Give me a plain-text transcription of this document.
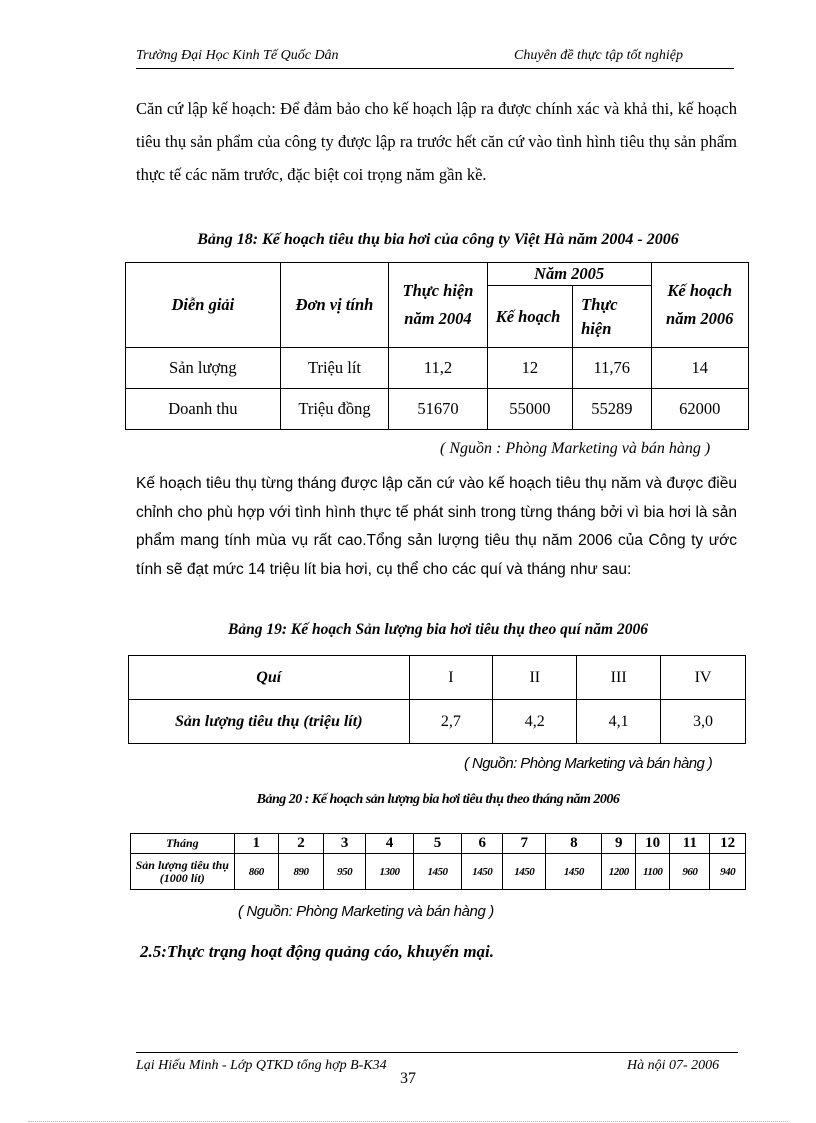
Trường Đại Học Kinh Tế Quốc Dân	Chuyên đề thực tập tốt nghiệp
Căn cứ lập kế hoạch: Để đảm bảo cho kế hoạch lập ra được chính xác và khả thi, kế hoạch tiêu thụ sản phẩm của công ty được lập ra trước hết căn cứ vào tình hình tiêu thụ sản phẩm thực tế các năm trước, đặc biệt coi trọng năm gần kề.
Bảng 18: Kế hoạch tiêu thụ bia hơi của công ty Việt Hà năm 2004 - 2006
Diễn giải	Đơn vị tính	Thực hiện năm 2004	Năm 2005		Kế hoạch năm 2006
			Kế hoạch	Thực hiện	
Sản lượng	Triệu lít	11,2	12	11,76	14
Doanh thu	Triệu đồng	51670	55000	55289	62000
( Nguồn : Phòng Marketing và bán hàng )
Kế hoạch tiêu thụ từng tháng được lập căn cứ vào kế hoạch tiêu thụ năm và được điều chỉnh cho phù hợp với tình hình thực tế phát sinh trong từng tháng bởi vì bia hơi là sản phẩm mang tính mùa vụ rất cao.Tổng sản lượng tiêu thụ năm 2006 của Công ty ước tính sẽ đạt mức 14 triệu lít bia hơi, cụ thể cho các quí và tháng như sau:
Bảng 19: Kế hoạch Sản lượng bia hơi tiêu thụ theo quí năm 2006
Quí	I	II	III	IV
Sản lượng tiêu thụ (triệu lít)	2,7	4,2	4,1	3,0
( Nguồn: Phòng Marketing và bán hàng )
Bảng 20 : Kế hoạch sản lượng bia hơi tiêu thụ theo tháng năm 2006
Tháng	1	2	3	4	5	6	7	8	9	10	11	12
Sản lượng tiêu thụ (1000 lít)	860	890	950	1300	1450	1450	1450	1450	1200	1100	960	940
( Nguồn: Phòng Marketing và bán hàng )
2.5:Thực trạng hoạt động quảng cáo, khuyến mại.
Lại Hiếu Minh - Lớp QTKD tổng hợp B-K34	Hà nội 07- 2006
37
